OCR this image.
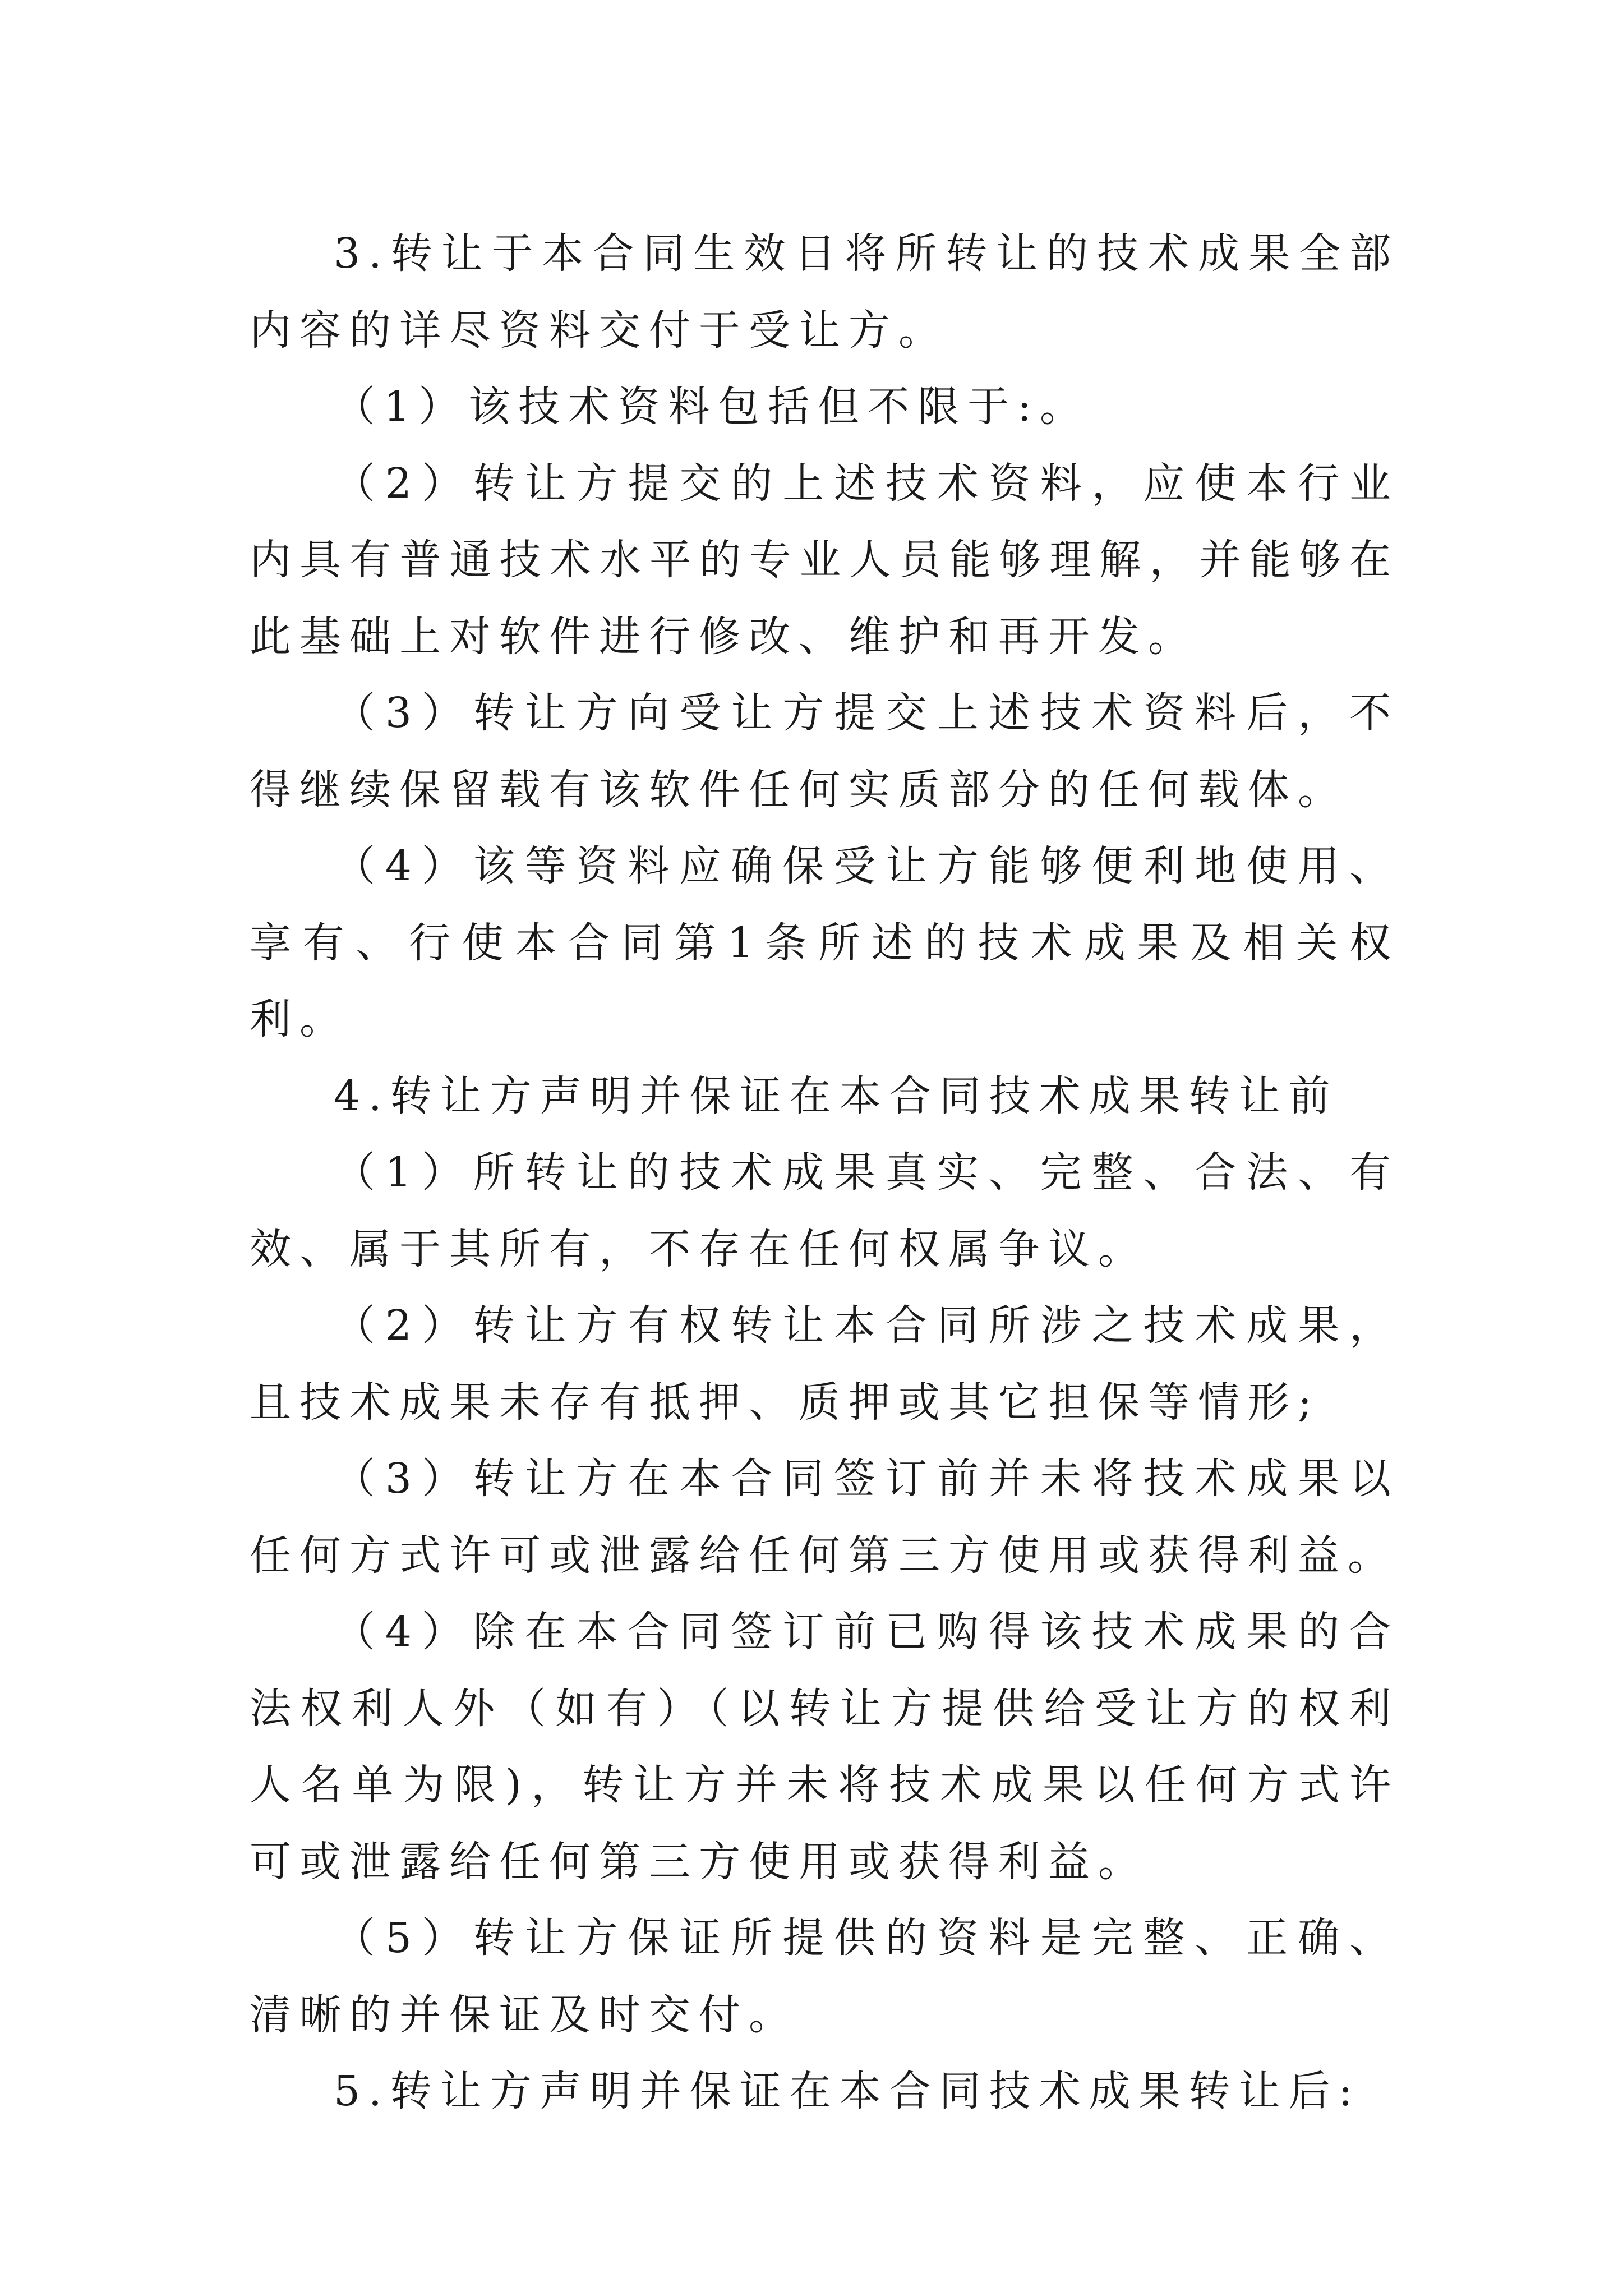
3.转让于本合同生效日将所转让的技术成果全部内容的详尽资料交付于受让方。

（1）该技术资料包括但不限于:。

（2）转让方提交的上述技术资料，应使本行业内具有普通技术水平的专业人员能够理解，并能够在此基础上对软件进行修改、维护和再开发。

（3）转让方向受让方提交上述技术资料后，不得继续保留载有该软件任何实质部分的任何载体。

（4）该等资料应确保受让方能够便利地使用、享有、行使本合同第1条所述的技术成果及相关权利。

4.转让方声明并保证在本合同技术成果转让前

（1）所转让的技术成果真实、完整、合法、有效、属于其所有，不存在任何权属争议。

（2）转让方有权转让本合同所涉之技术成果，且技术成果未存有抵押、质押或其它担保等情形;

（3）转让方在本合同签订前并未将技术成果以任何方式许可或泄露给任何第三方使用或获得利益。

（4）除在本合同签订前已购得该技术成果的合法权利人外（如有）（以转让方提供给受让方的权利人名单为限)，转让方并未将技术成果以任何方式许可或泄露给任何第三方使用或获得利益。

（5）转让方保证所提供的资料是完整、正确、清晰的并保证及时交付。

5.转让方声明并保证在本合同技术成果转让后:
